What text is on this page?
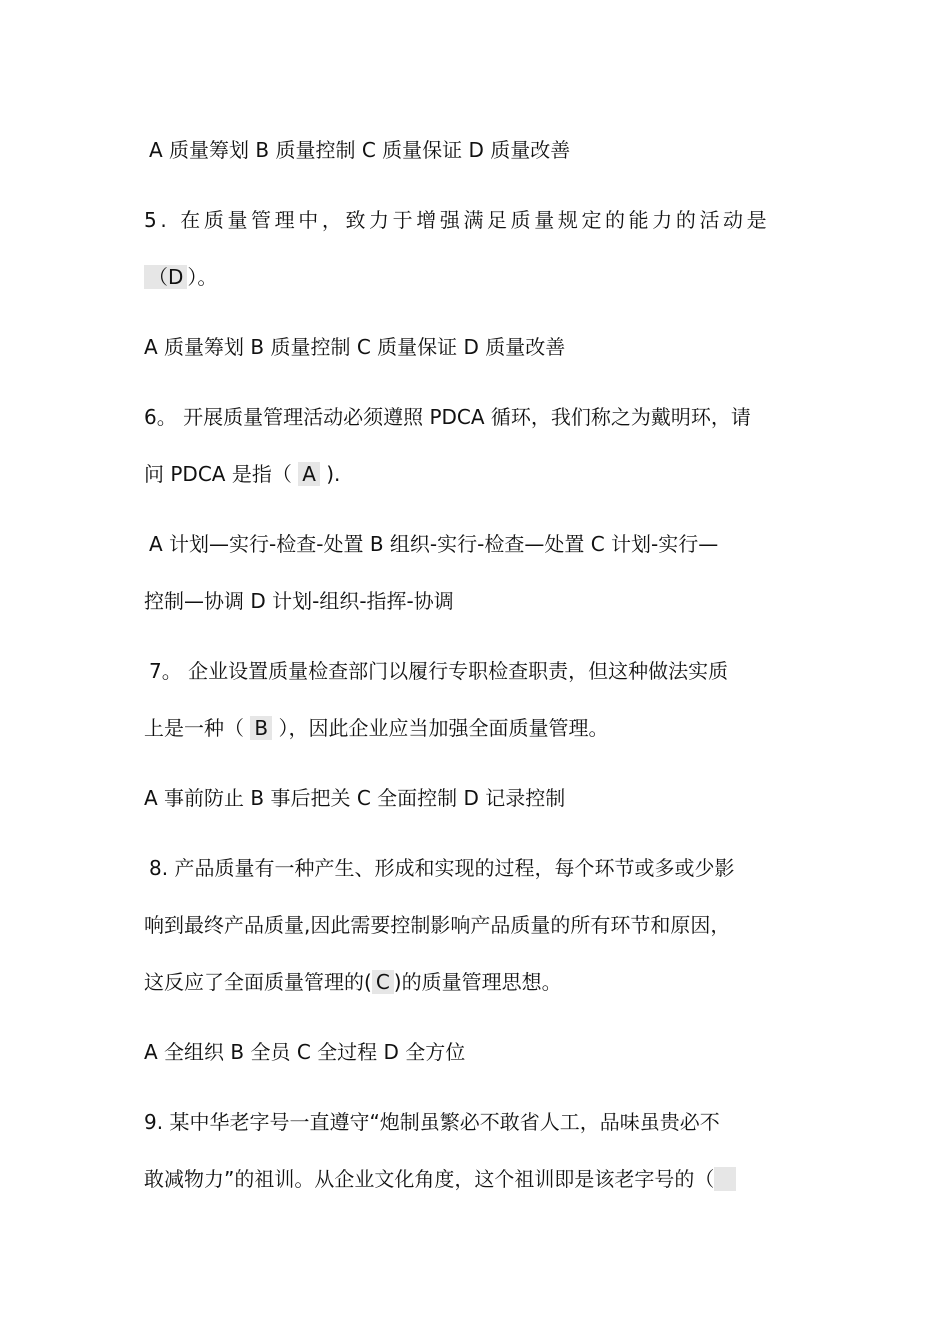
A 质量筹划 B 质量控制 C 质量保证 D 质量改善
5. 在质量管理中，致力于增强满足质量规定的能力的活动是
（D ）。
A 质量筹划 B 质量控制 C 质量保证 D 质量改善
6。 开展质量管理活动必须遵照 PDCA 循环，我们称之为戴明环，请
问 PDCA 是指（ A ).
A 计划—实行-检查-处置 B 组织-实行-检查—处置 C 计划-实行—
控制—协调 D 计划-组织-指挥-协调
7。 企业设置质量检查部门以履行专职检查职责，但这种做法实质
上是一种（ B ），因此企业应当加强全面质量管理。
A 事前防止 B 事后把关 C 全面控制 D 记录控制
8. 产品质量有一种产生、形成和实现的过程，每个环节或多或少影
响到最终产品质量,因此需要控制影响产品质量的所有环节和原因，
这反应了全面质量管理的( C )的质量管理思想。
A 全组织 B 全员 C 全过程 D 全方位
9. 某中华老字号一直遵守“炮制虽繁必不敢省人工，品味虽贵必不
敢减物力”的祖训。从企业文化角度，这个祖训即是该老字号的（
